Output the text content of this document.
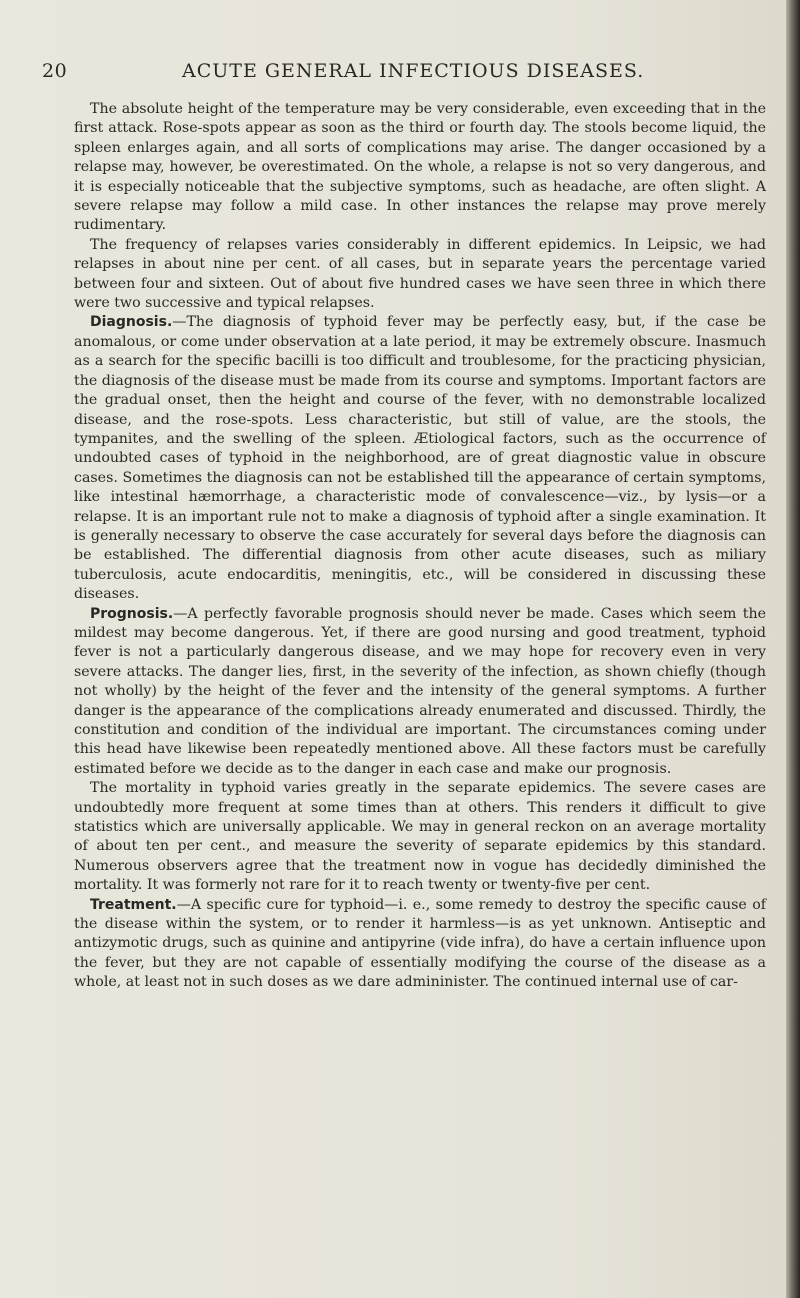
20	ACUTE GENERAL INFECTIOUS DISEASES.

The absolute height of the temperature may be very considerable, even exceeding that in the first attack. Rose-spots appear as soon as the third or fourth day. The stools become liquid, the spleen enlarges again, and all sorts of complications may arise. The danger occasioned by a relapse may, however, be overestimated. On the whole, a relapse is not so very dangerous, and it is especially noticeable that the subjective symptoms, such as headache, are often slight. A severe relapse may follow a mild case. In other instances the relapse may prove merely rudimentary.

The frequency of relapses varies considerably in different epidemics. In Leipsic, we had relapses in about nine per cent. of all cases, but in separate years the percentage varied between four and sixteen. Out of about five hundred cases we have seen three in which there were two successive and typical relapses.

Diagnosis.—The diagnosis of typhoid fever may be perfectly easy, but, if the case be anomalous, or come under observation at a late period, it may be extremely obscure. Inasmuch as a search for the specific bacilli is too difficult and troublesome, for the practicing physician, the diagnosis of the disease must be made from its course and symptoms. Important factors are the gradual onset, then the height and course of the fever, with no demonstrable localized disease, and the rose-spots. Less characteristic, but still of value, are the stools, the tympanites, and the swelling of the spleen. Ætiological factors, such as the occurrence of undoubted cases of typhoid in the neighborhood, are of great diagnostic value in obscure cases. Sometimes the diagnosis can not be established till the appearance of certain symptoms, like intestinal hæmorrhage, a characteristic mode of convalescence—viz., by lysis—or a relapse. It is an important rule not to make a diagnosis of typhoid after a single examination. It is generally necessary to observe the case accurately for several days before the diagnosis can be established. The differential diagnosis from other acute diseases, such as miliary tuberculosis, acute endocarditis, meningitis, etc., will be considered in discussing these diseases.

Prognosis.—A perfectly favorable prognosis should never be made. Cases which seem the mildest may become dangerous. Yet, if there are good nursing and good treatment, typhoid fever is not a particularly dangerous disease, and we may hope for recovery even in very severe attacks. The danger lies, first, in the severity of the infection, as shown chiefly (though not wholly) by the height of the fever and the intensity of the general symptoms. A further danger is the appearance of the complications already enumerated and discussed. Thirdly, the constitution and condition of the individual are important. The circumstances coming under this head have likewise been repeatedly mentioned above. All these factors must be carefully estimated before we decide as to the danger in each case and make our prognosis.

The mortality in typhoid varies greatly in the separate epidemics. The severe cases are undoubtedly more frequent at some times than at others. This renders it difficult to give statistics which are universally applicable. We may in general reckon on an average mortality of about ten per cent., and measure the severity of separate epidemics by this standard. Numerous observers agree that the treatment now in vogue has decidedly diminished the mortality. It was formerly not rare for it to reach twenty or twenty-five per cent.

Treatment.—A specific cure for typhoid—i. e., some remedy to destroy the specific cause of the disease within the system, or to render it harmless—is as yet unknown. Antiseptic and antizymotic drugs, such as quinine and antipyrine (vide infra), do have a certain influence upon the fever, but they are not capable of essentially modifying the course of the disease as a whole, at least not in such doses as we dare admininister. The continued internal use of car-
